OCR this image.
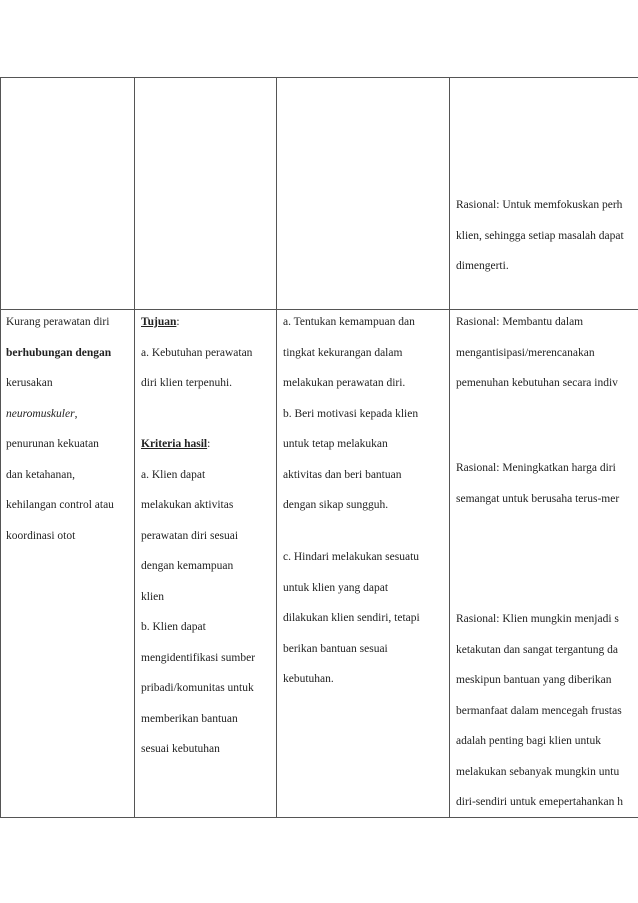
Rasional: Untuk memfokuskan perh
klien, sehingga setiap masalah dapat
dimengerti.
Kurang perawatan diri
berhubungan dengan
kerusakan
neuromuskuler,
penurunan kekuatan
dan ketahanan,
kehilangan control atau
koordinasi otot
Tujuan:
a. Kebutuhan perawatan
diri klien terpenuhi.

Kriteria hasil:
a. Klien dapat
melakukan aktivitas
perawatan diri sesuai
dengan kemampuan
klien
b. Klien dapat
mengidentifikasi sumber
pribadi/komunitas untuk
memberikan bantuan
sesuai kebutuhan
a. Tentukan kemampuan dan
tingkat kekurangan dalam
melakukan perawatan diri.
b. Beri motivasi kepada klien
untuk tetap melakukan
aktivitas dan beri bantuan
dengan sikap sungguh.
c. Hindari melakukan sesuatu
untuk klien yang dapat
dilakukan klien sendiri, tetapi
berikan bantuan sesuai
kebutuhan.
Rasional: Membantu dalam
mengantisipasi/merencanakan
pemenuhan kebutuhan secara indiv
Rasional: Meningkatkan harga diri
semangat untuk berusaha terus-mer
Rasional: Klien mungkin menjadi s
ketakutan dan sangat tergantung da
meskipun bantuan yang diberikan
bermanfaat dalam mencegah frustas
adalah penting bagi klien untuk
melakukan sebanyak mungkin untu
diri-sendiri untuk emepertahankan h
